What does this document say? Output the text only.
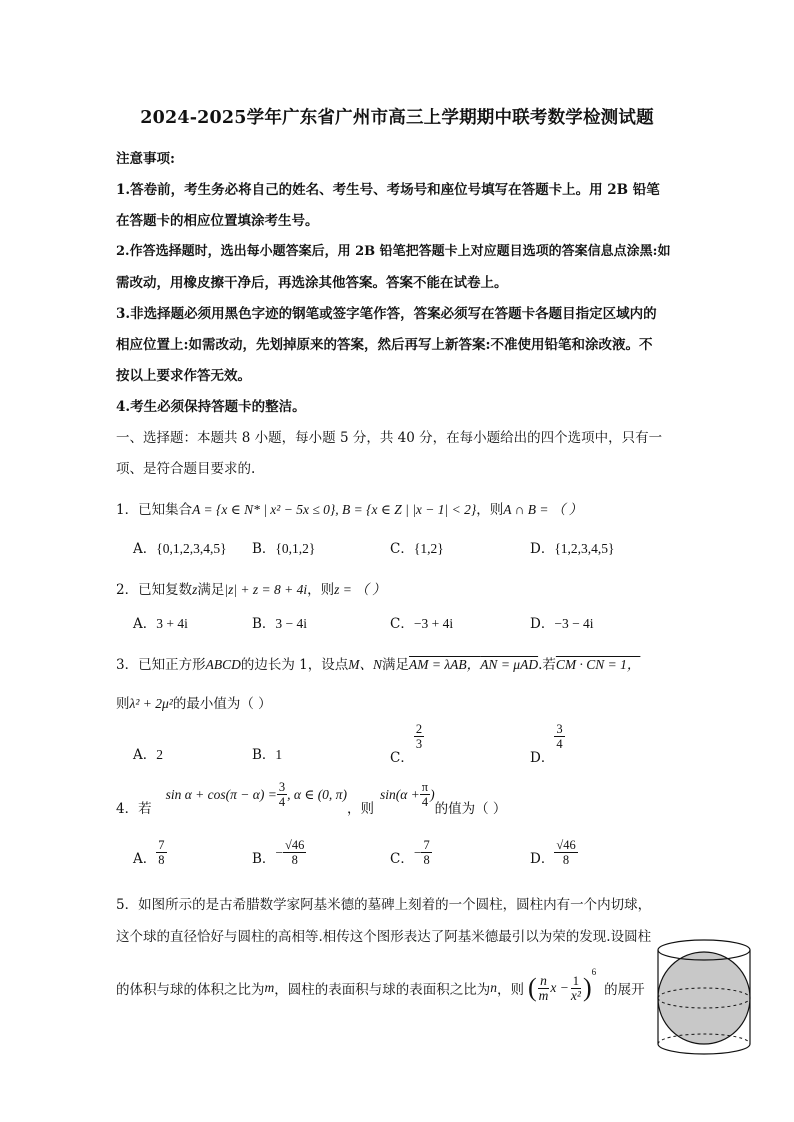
2024-2025学年广东省广州市高三上学期期中联考数学检测试题
注意事项:
1.答卷前，考生务必将自己的姓名、考生号、考场号和座位号填写在答题卡上。用 2B 铅笔
在答题卡的相应位置填涂考生号。
2.作答选择题时，选出每小题答案后，用 2B 铅笔把答题卡上对应题目选项的答案信息点涂黑:如
需改动，用橡皮擦干净后，再选涂其他答案。答案不能在试卷上。
3.非选择题必须用黑色字迹的钢笔或签字笔作答，答案必须写在答题卡各题目指定区域内的
相应位置上:如需改动，先划掉原来的答案，然后再写上新答案:不准使用铅笔和涂改液。不
按以上要求作答无效。
4.考生必须保持答题卡的整洁。
一、选择题：本题共 8 小题，每小题 5 分，共 40 分，在每小题给出的四个选项中，只有一
项、是符合题目要求的.
1．已知集合A = {x ∈ N* | x² − 5x ≤ 0}, B = {x ∈ Z | |x − 1| < 2}，则A ∩ B = （ ）
A．{0,1,2,3,4,5} B．{0,1,2}	C．{1,2}	D．{1,2,3,4,5}
2．已知复数z满足|z| + z = 8 + 4i，则z = （ ）
A．3 + 4i	B．3 − 4i	C．−3 + 4i	D．−3 − 4i
3．已知正方形ABCD的边长为 1，设点M、N满足AM = λAB，AN = μAD.若CM · CN = 1，
则λ² + 2μ²的最小值为（ ）
A．2	B．1	C．
$\frac{2}{3}$
D．
$\frac{3}{4}$
4．若
$\sin \alpha + \cos(\pi - \alpha) = \frac{3}{4}$ , α ∈ (0, π)
，则
$\sin(\alpha + \frac{\pi}{4}$ )
的值为（ ）
A． $\frac{7}{8}$	B． − $\frac{√46}{8}$	C． − $\frac{7}{8}$	D． $\frac{√46}{8}$
5．如图所示的是古希腊数学家阿基米德的墓碑上刻着的一个圆柱，圆柱内有一个内切球，
这个球的直径恰好与圆柱的高相等.相传这个图形表达了阿基米德最引以为荣的发现.设圆柱
的体积与球的体积之比为 m ，圆柱的表面积与球的表面积之比为 n ，则 ( $\frac{n}{m}$ $x - \frac{1}{\text{x²}}$ )
6
的展开
